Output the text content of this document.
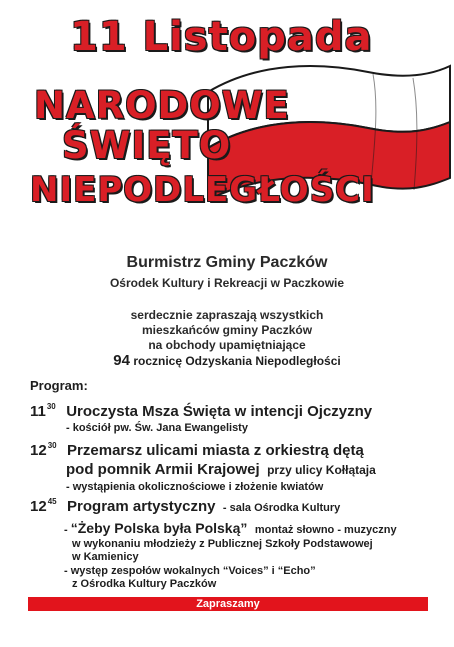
11 Listopada
NARODOWE
ŚWIĘTO
NIEPODLEGŁOŚCI
Burmistrz Gminy Paczków
Ośrodek Kultury i Rekreacji w Paczkowie
serdecznie zapraszają wszystkich
mieszkańców gminy Paczków
na obchody upamiętniające
94 rocznicę Odzyskania Niepodległości
Program:
$11^{30}$ Uroczysta Msza Święta w intencji Ojczyzny
- kościół pw. Św. Jana Ewangelisty
$12^{30}$ Przemarsz ulicami miasta z orkiestrą dętą
pod pomnik Armii Krajowej przy ulicy Kołłątaja
- wystąpienia okolicznościowe i złożenie kwiatów
$12^{45}$ Program artystyczny - sala Ośrodka Kultury
- “Żeby Polska była Polską” montaż słowno - muzyczny
w wykonaniu młodzieży z Publicznej Szkoły Podstawowej
w Kamienicy
- występ zespołów wokalnych “Voices” i “Echo”
z Ośrodka Kultury Paczków
Zapraszamy
